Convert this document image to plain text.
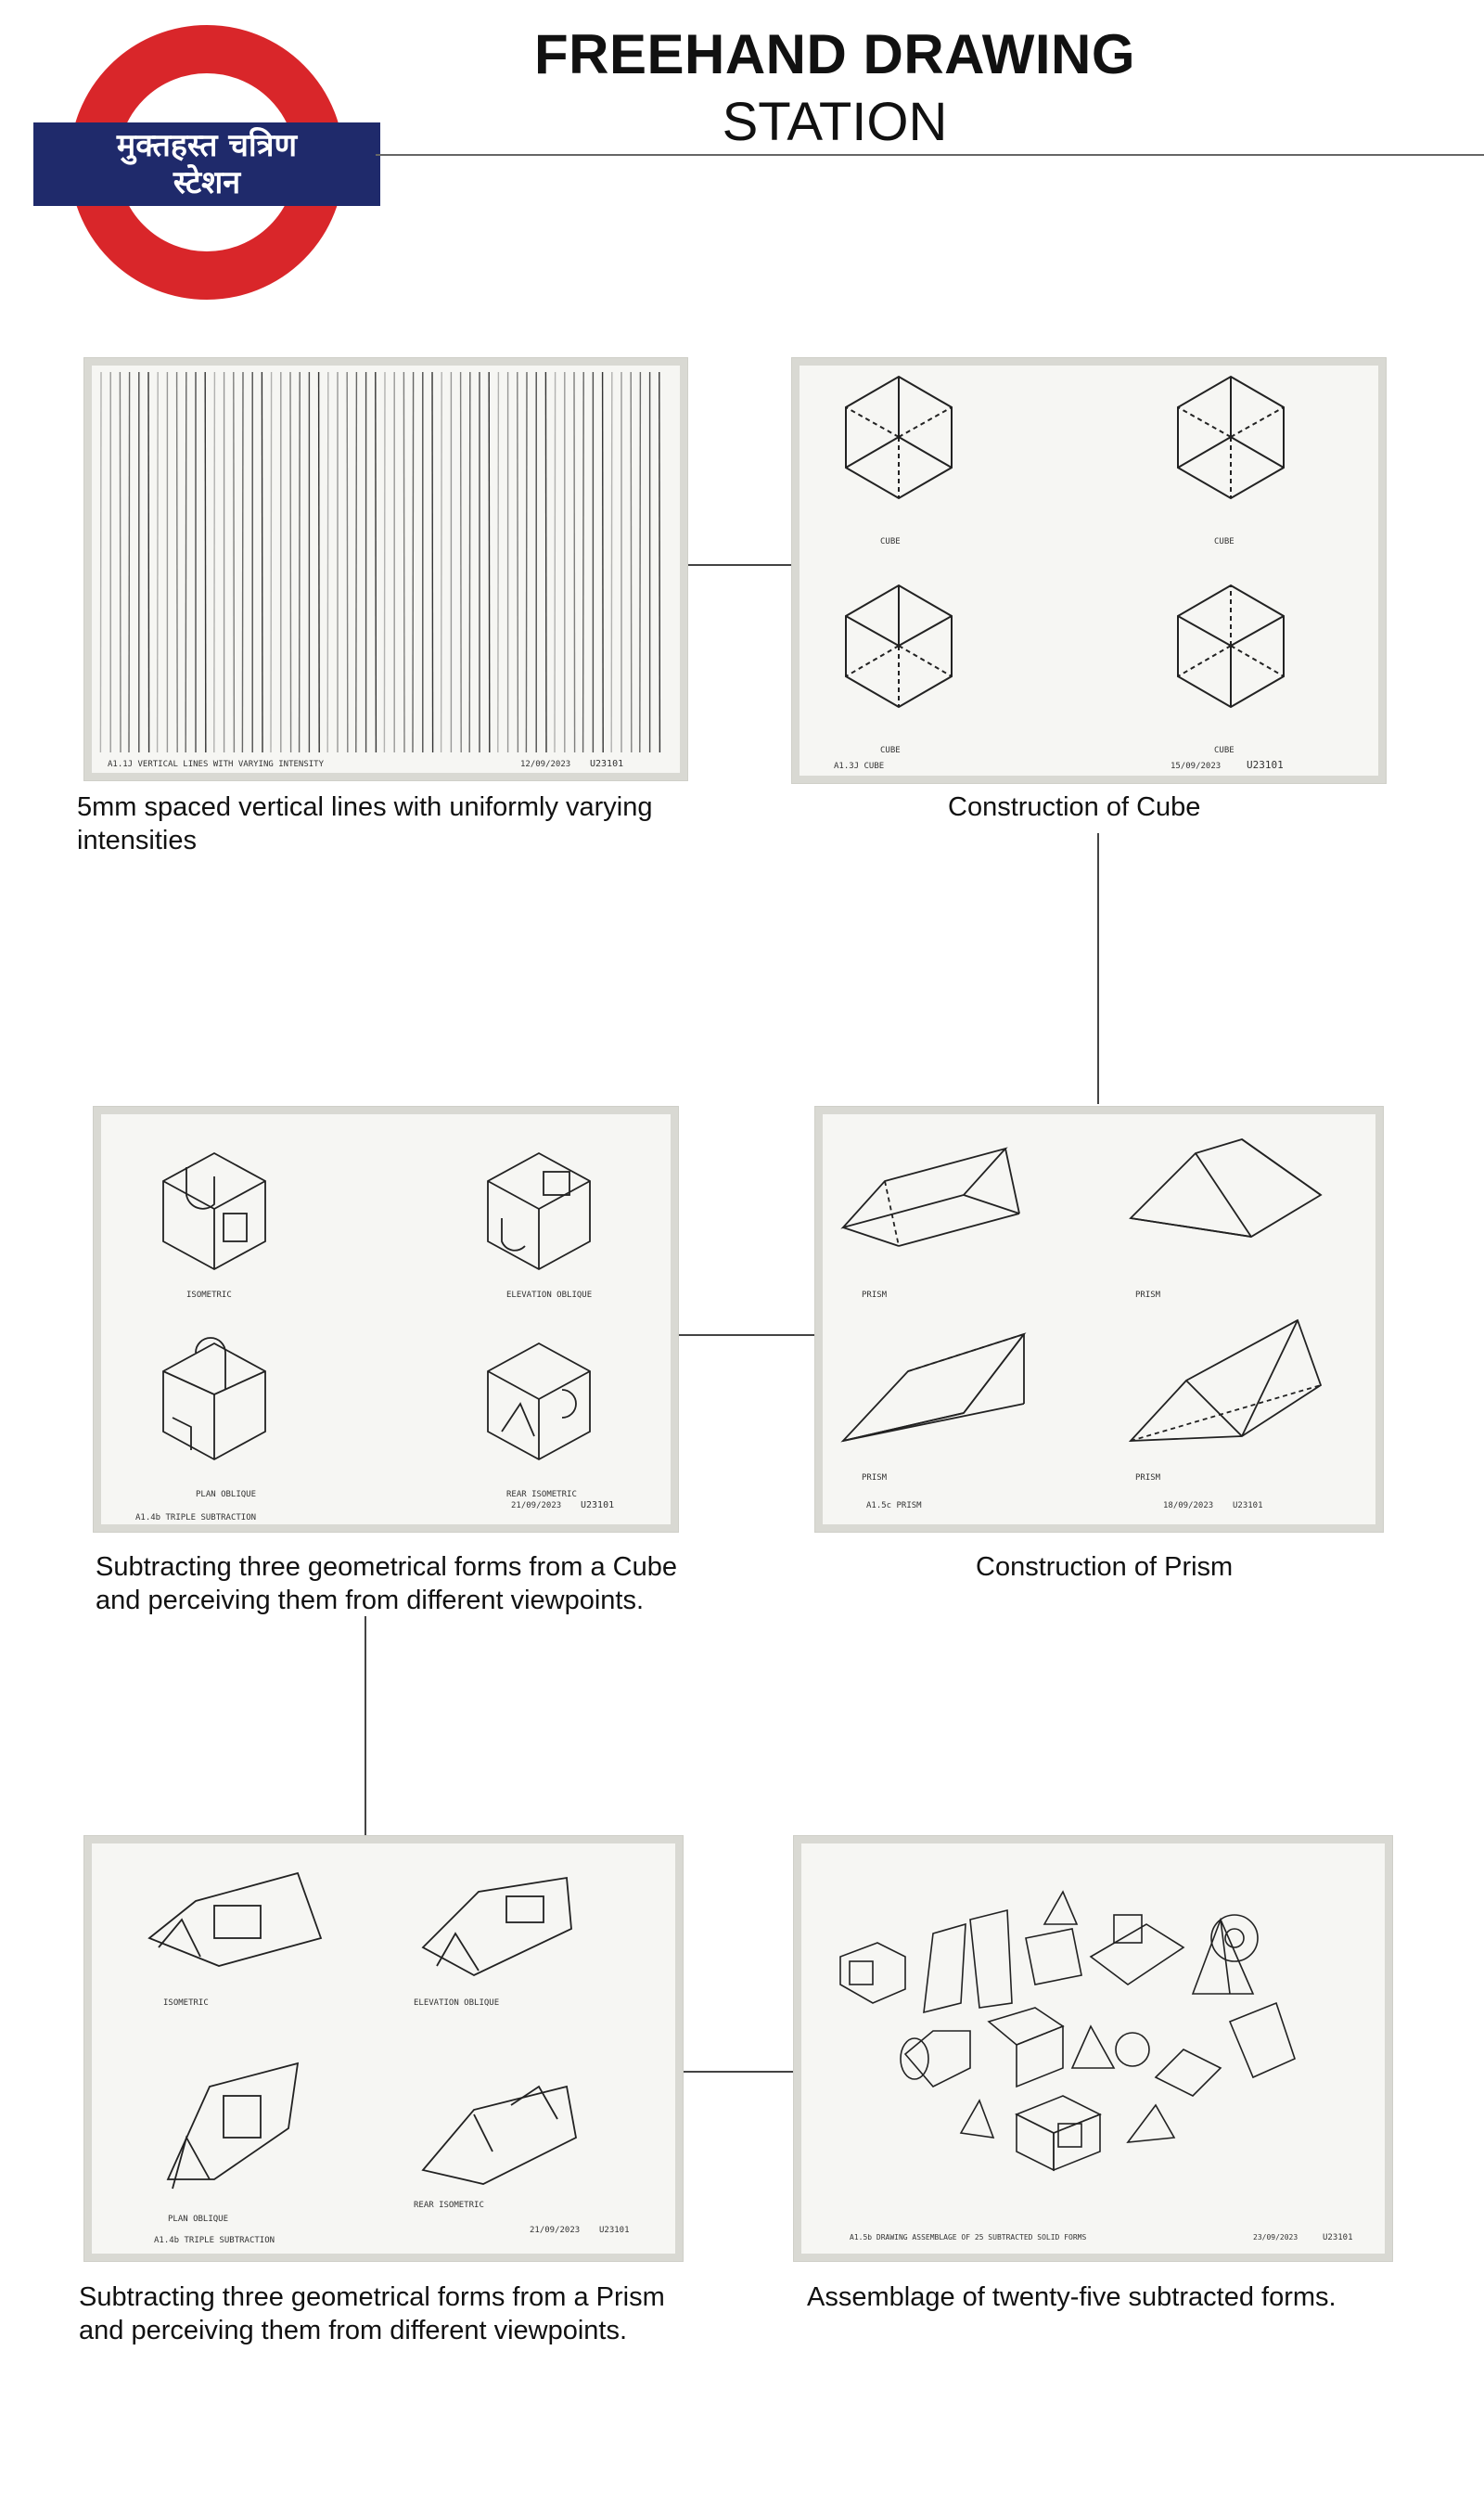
मुक्तहस्त चत्रिण
स्टेशन
FREEHAND DRAWING
STATION
A1.1J VERTICAL LINES WITH VARYING INTENSITY	12/09/2023 U23101
5mm spaced vertical lines with uniformly varying intensities
CUBE	CUBE
CUBE	CUBE
A1.3J CUBE	15/09/2023	U23101
Construction of Cube
ISOMETRIC	ELEVATION OBLIQUE
PLAN OBLIQUE	REAR ISOMETRIC
A1.4b TRIPLE SUBTRACTION
21/09/2023 U23101
Subtracting three geometrical forms from a Cube and perceiving them from different viewpoints.
PRISM	PRISM
PRISM	PRISM
A1.5c PRISM	18/09/2023 U23101
Construction of Prism
ISOMETRIC	ELEVATION OBLIQUE
PLAN OBLIQUE
REAR ISOMETRIC
A1.4b TRIPLE SUBTRACTION
21/09/2023 U23101
Subtracting three geometrical forms from a Prism and perceiving them from different viewpoints.
A1.5b DRAWING ASSEMBLAGE OF 25 SUBTRACTED SOLID FORMS	23/09/2023	U23101
Assemblage of twenty-five subtracted forms.
